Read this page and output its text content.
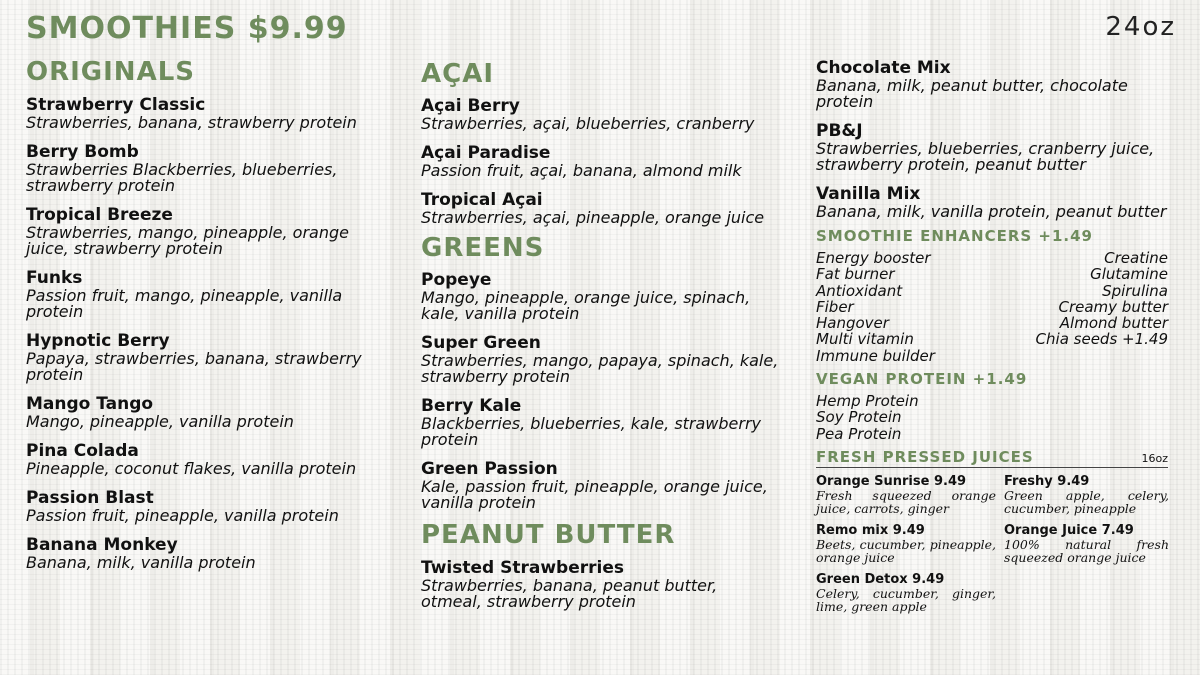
SMOOTHIES $9.99	24oz
ORIGINALS
Strawberry Classic
Strawberries, banana, strawberry protein
Berry Bomb
Strawberries Blackberries, blueberries, strawberry protein
Tropical Breeze
Strawberries, mango, pineapple, orange juice, strawberry protein
Funks
Passion fruit, mango, pineapple, vanilla protein
Hypnotic Berry
Papaya, strawberries, banana, strawberry protein
Mango Tango
Mango, pineapple, vanilla protein
Pina Colada
Pineapple, coconut flakes, vanilla protein
Passion Blast
Passion fruit, pineapple, vanilla protein
Banana Monkey
Banana, milk, vanilla protein
AÇAI
Açai Berry
Strawberries, açai, blueberries, cranberry
Açai Paradise
Passion fruit, açai, banana, almond milk
Tropical Açai
Strawberries, açai, pineapple, orange juice
GREENS
Popeye
Mango, pineapple, orange juice, spinach, kale, vanilla protein
Super Green
Strawberries, mango, papaya, spinach, kale, strawberry protein
Berry Kale
Blackberries, blueberries, kale, strawberry protein
Green Passion
Kale, passion fruit, pineapple, orange juice, vanilla protein
PEANUT BUTTER
Twisted Strawberries
Strawberries, banana, peanut butter, otmeal, strawberry protein
Chocolate Mix
Banana, milk, peanut butter, chocolate protein
PB&J
Strawberries, blueberries, cranberry juice, strawberry protein, peanut butter
Vanilla Mix
Banana, milk, vanilla protein, peanut butter
SMOOTHIE ENHANCERS +1.49
Energy booster	Creatine
Fat burner	Glutamine
Antioxidant	Spirulina
Fiber	Creamy butter
Hangover	Almond butter
Multi vitamin	Chia seeds +1.49
Immune builder
VEGAN PROTEIN +1.49
Hemp Protein
Soy Protein
Pea Protein
FRESH PRESSED JUICES	16oz
Orange Sunrise 9.49
Fresh squeezed orange juice, carrots, ginger
Freshy 9.49
Green apple, celery, cucumber, pineapple
Remo mix 9.49
Beets, cucumber, pineapple, orange juice
Orange Juice 7.49
100% natural fresh squeezed orange juice
Green Detox 9.49
Celery, cucumber, ginger, lime, green apple
